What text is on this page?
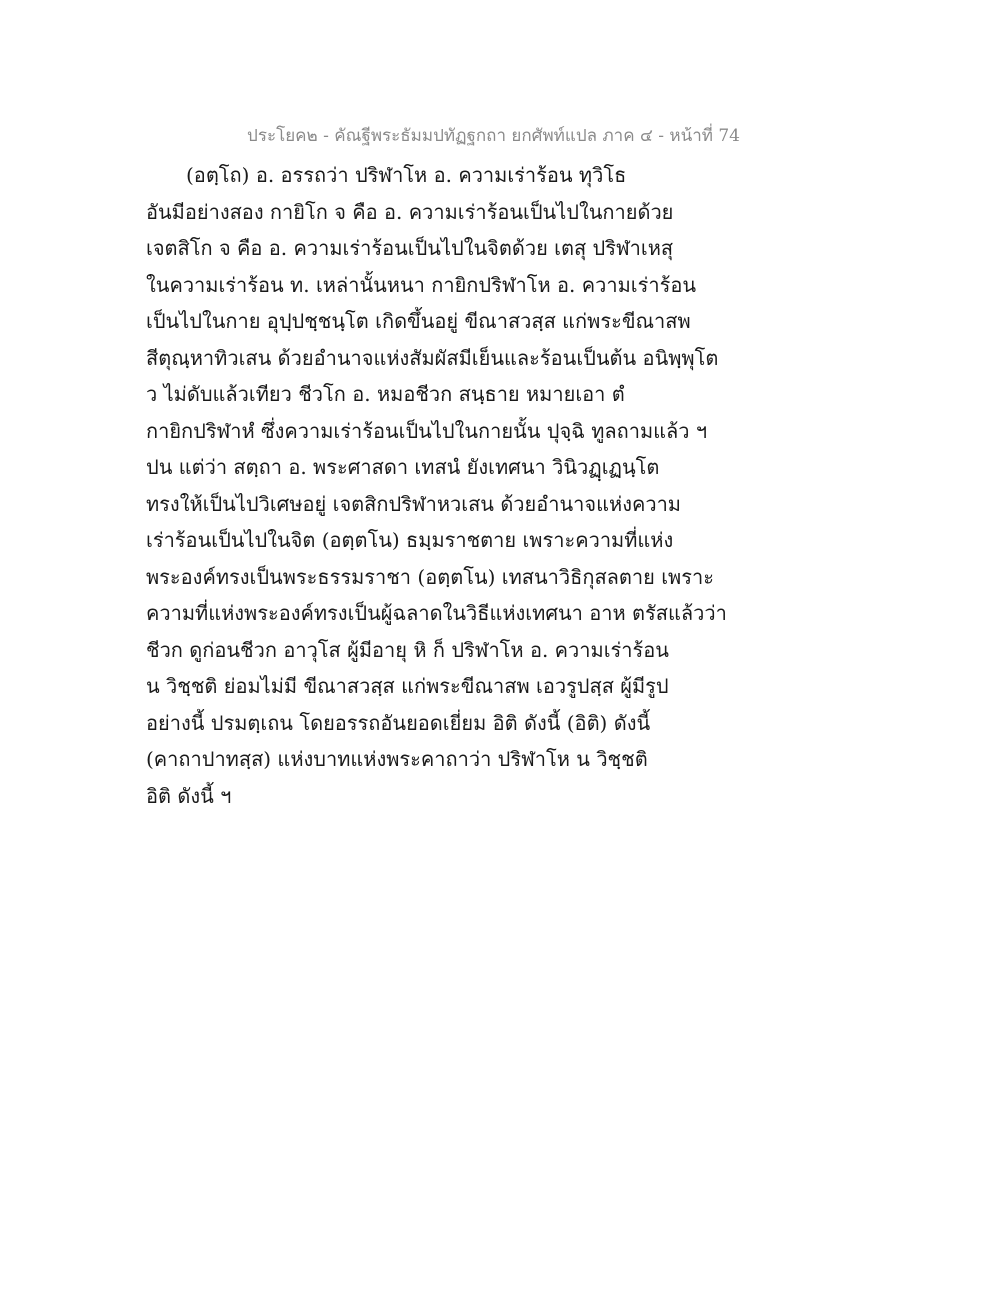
ประโยค๒ - คัณฐีพระธัมมปทัฏฐกถา ยกศัพท์แปล ภาค ๔ - หน้าที่ 74
(อตฺโถ) อ. อรรถว่า ปริฬาโห อ. ความเร่าร้อน ทุวิโธ
อันมีอย่างสอง กายิโก จ คือ อ. ความเร่าร้อนเป็นไปในกายด้วย
เจตสิโก จ คือ อ. ความเร่าร้อนเป็นไปในจิตด้วย เตสุ ปริฬาเหสุ
ในความเร่าร้อน ท. เหล่านั้นหนา กายิกปริฬาโห อ. ความเร่าร้อน
เป็นไปในกาย อุปฺปชฺชนฺโต เกิดขึ้นอยู่ ขีณาสวสฺส แก่พระขีณาสพ
สีตุณฺหาทิวเสน ด้วยอำนาจแห่งสัมผัสมีเย็นและร้อนเป็นต้น อนิพฺพุโต
ว ไม่ดับแล้วเทียว ชีวโก อ. หมอชีวก สนฺธาย หมายเอา ตํ
กายิกปริฬาหํ ซึ่งความเร่าร้อนเป็นไปในกายนั้น ปุจฺฉิ ทูลถามแล้ว ฯ
ปน แต่ว่า สตฺถา อ. พระศาสดา เทสนํ ยังเทศนา วินิวฏฺเฏนฺโต
ทรงให้เป็นไปวิเศษอยู่ เจตสิกปริฬาหวเสน ด้วยอำนาจแห่งความ
เร่าร้อนเป็นไปในจิต (อตฺตโน) ธมฺมราชตาย เพราะความที่แห่ง
พระองค์ทรงเป็นพระธรรมราชา (อตฺตโน) เทสนาวิธิกุสลตาย เพราะ
ความที่แห่งพระองค์ทรงเป็นผู้ฉลาดในวิธีแห่งเทศนา อาห ตรัสแล้วว่า
ชีวก ดูก่อนชีวก อาวุโส ผู้มีอายุ หิ ก็ ปริฬาโห อ. ความเร่าร้อน
น วิชฺชติ ย่อมไม่มี ขีณาสวสฺส แก่พระขีณาสพ เอวรูปสฺส ผู้มีรูป
อย่างนี้ ปรมตฺเถน โดยอรรถอันยอดเยี่ยม อิติ ดังนี้ (อิติ) ดังนี้
(คาถาปาทสฺส) แห่งบาทแห่งพระคาถาว่า ปริฬาโห น วิชฺชติ
อิติ ดังนี้ ฯ
